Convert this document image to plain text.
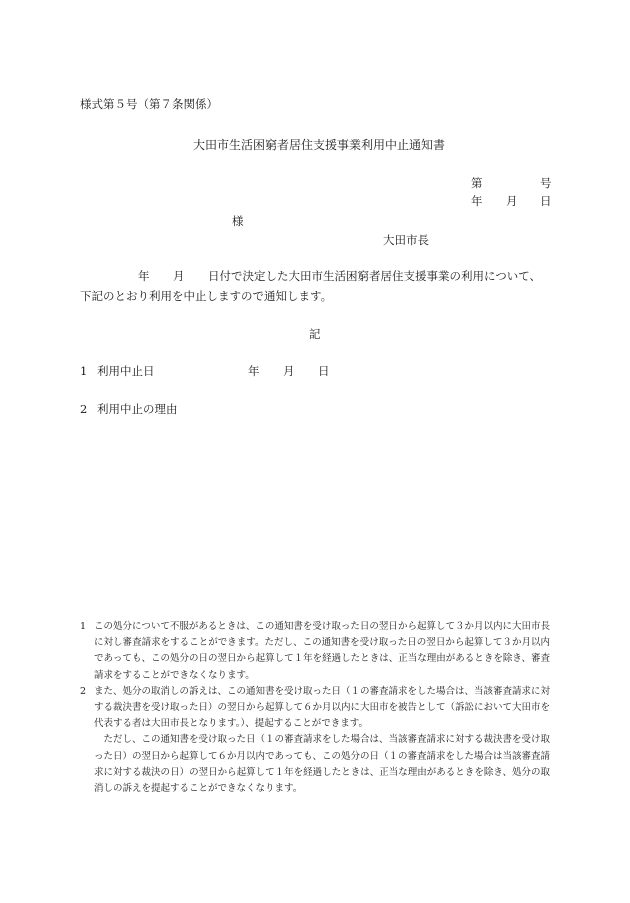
様式第５号（第７条関係）
大田市生活困窮者居住支援事業利用中止通知書
第	号
年 月 日
様
大田市長
年 月 日付で決定した大田市生活困窮者居住支援事業の利用について、
下記のとおり利用を中止しますので通知します。
記
1 利用中止日	年 月 日
2 利用中止の理由
1 この処分について不服があるときは、この通知書を受け取った日の翌日から起算して３か月以内に大田市長に対し審査請求をすることができます。ただし、この通知書を受け取った日の翌日から起算して３か月以内であっても、この処分の日の翌日から起算して１年を経過したときは、正当な理由があるときを除き、審査請求をすることができなくなります。
2 また、処分の取消しの訴えは、この通知書を受け取った日（１の審査請求をした場合は、当該審査請求に対する裁決書を受け取った日）の翌日から起算して６か月以内に大田市を被告として（訴訟において大田市を代表する者は大田市長となります。）、提起することができます。
ただし、この通知書を受け取った日（１の審査請求をした場合は、当該審査請求に対する裁決書を受け取った日）の翌日から起算して６か月以内であっても、この処分の日（１の審査請求をした場合は当該審査請求に対する裁決の日）の翌日から起算して１年を経過したときは、正当な理由があるときを除き、処分の取消しの訴えを提起することができなくなります。
